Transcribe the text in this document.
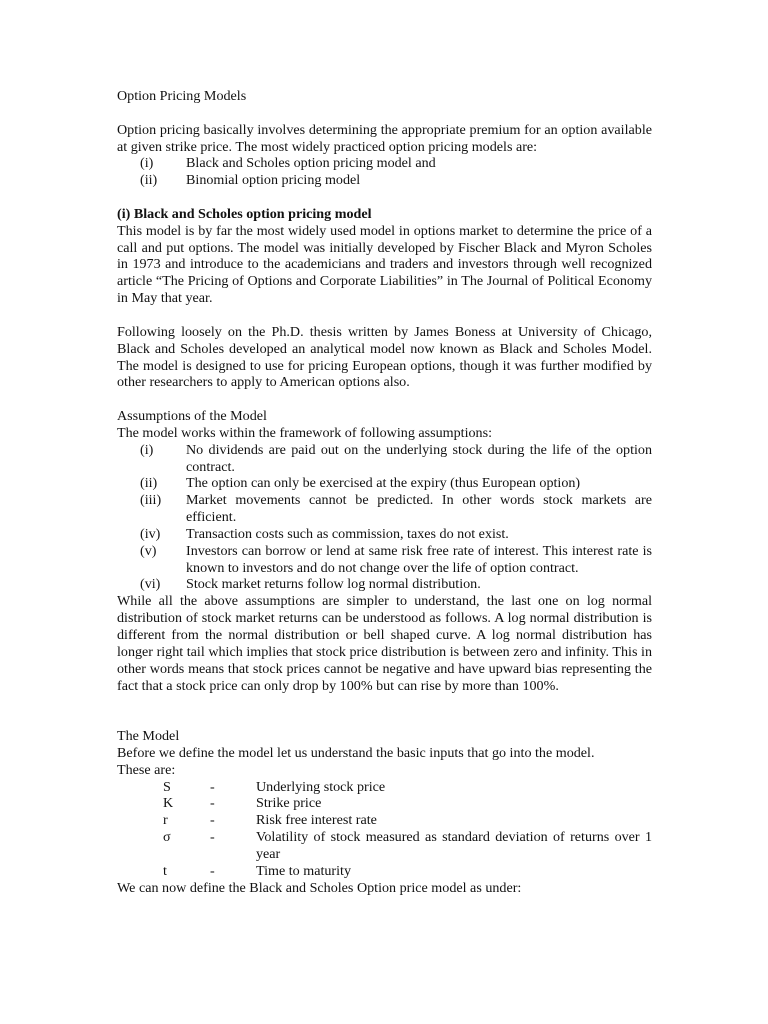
Option Pricing Models

Option pricing basically involves determining the appropriate premium for an option available at given strike price. The most widely practiced option pricing models are:

(i)	Black and Scholes option pricing model and
(ii)	Binomial option pricing model

(i) Black and Scholes option pricing model

This model is by far the most widely used model in options market to determine the price of a call and put options. The model was initially developed by Fischer Black and Myron Scholes in 1973 and introduce to the academicians and traders and investors through well recognized article “The Pricing of Options and Corporate Liabilities” in The Journal of Political Economy in May that year.

Following loosely on the Ph.D. thesis written by James Boness at University of Chicago, Black and Scholes developed an analytical model now known as Black and Scholes Model. The model is designed to use for pricing European options, though it was further modified by other researchers to apply to American options also.

Assumptions of the Model

The model works within the framework of following assumptions:

(i)	No dividends are paid out on the underlying stock during the life of the option contract.
(ii)	The option can only be exercised at the expiry (thus European option)
(iii)	Market movements cannot be predicted. In other words stock markets are efficient.
(iv)	Transaction costs such as commission, taxes do not exist.
(v)	Investors can borrow or lend at same risk free rate of interest. This interest rate is known to investors and do not change over the life of option contract.
(vi)	Stock market returns follow log normal distribution.

While all the above assumptions are simpler to understand, the last one on log normal distribution of stock market returns can be understood as follows. A log normal distribution is different from the normal distribution or bell shaped curve. A log normal distribution has longer right tail which implies that stock price distribution is between zero and infinity. This in other words means that stock prices cannot be negative and have upward bias representing the fact that a stock price can only drop by 100% but can rise by more than 100%.

The Model

Before we define the model let us understand the basic inputs that go into the model.

These are:

S	-	Underlying stock price
K	-	Strike price
r	-	Risk free interest rate
σ	-	Volatility of stock measured as standard deviation of returns over 1 year
t	-	Time to maturity

We can now define the Black and Scholes Option price model as under:
